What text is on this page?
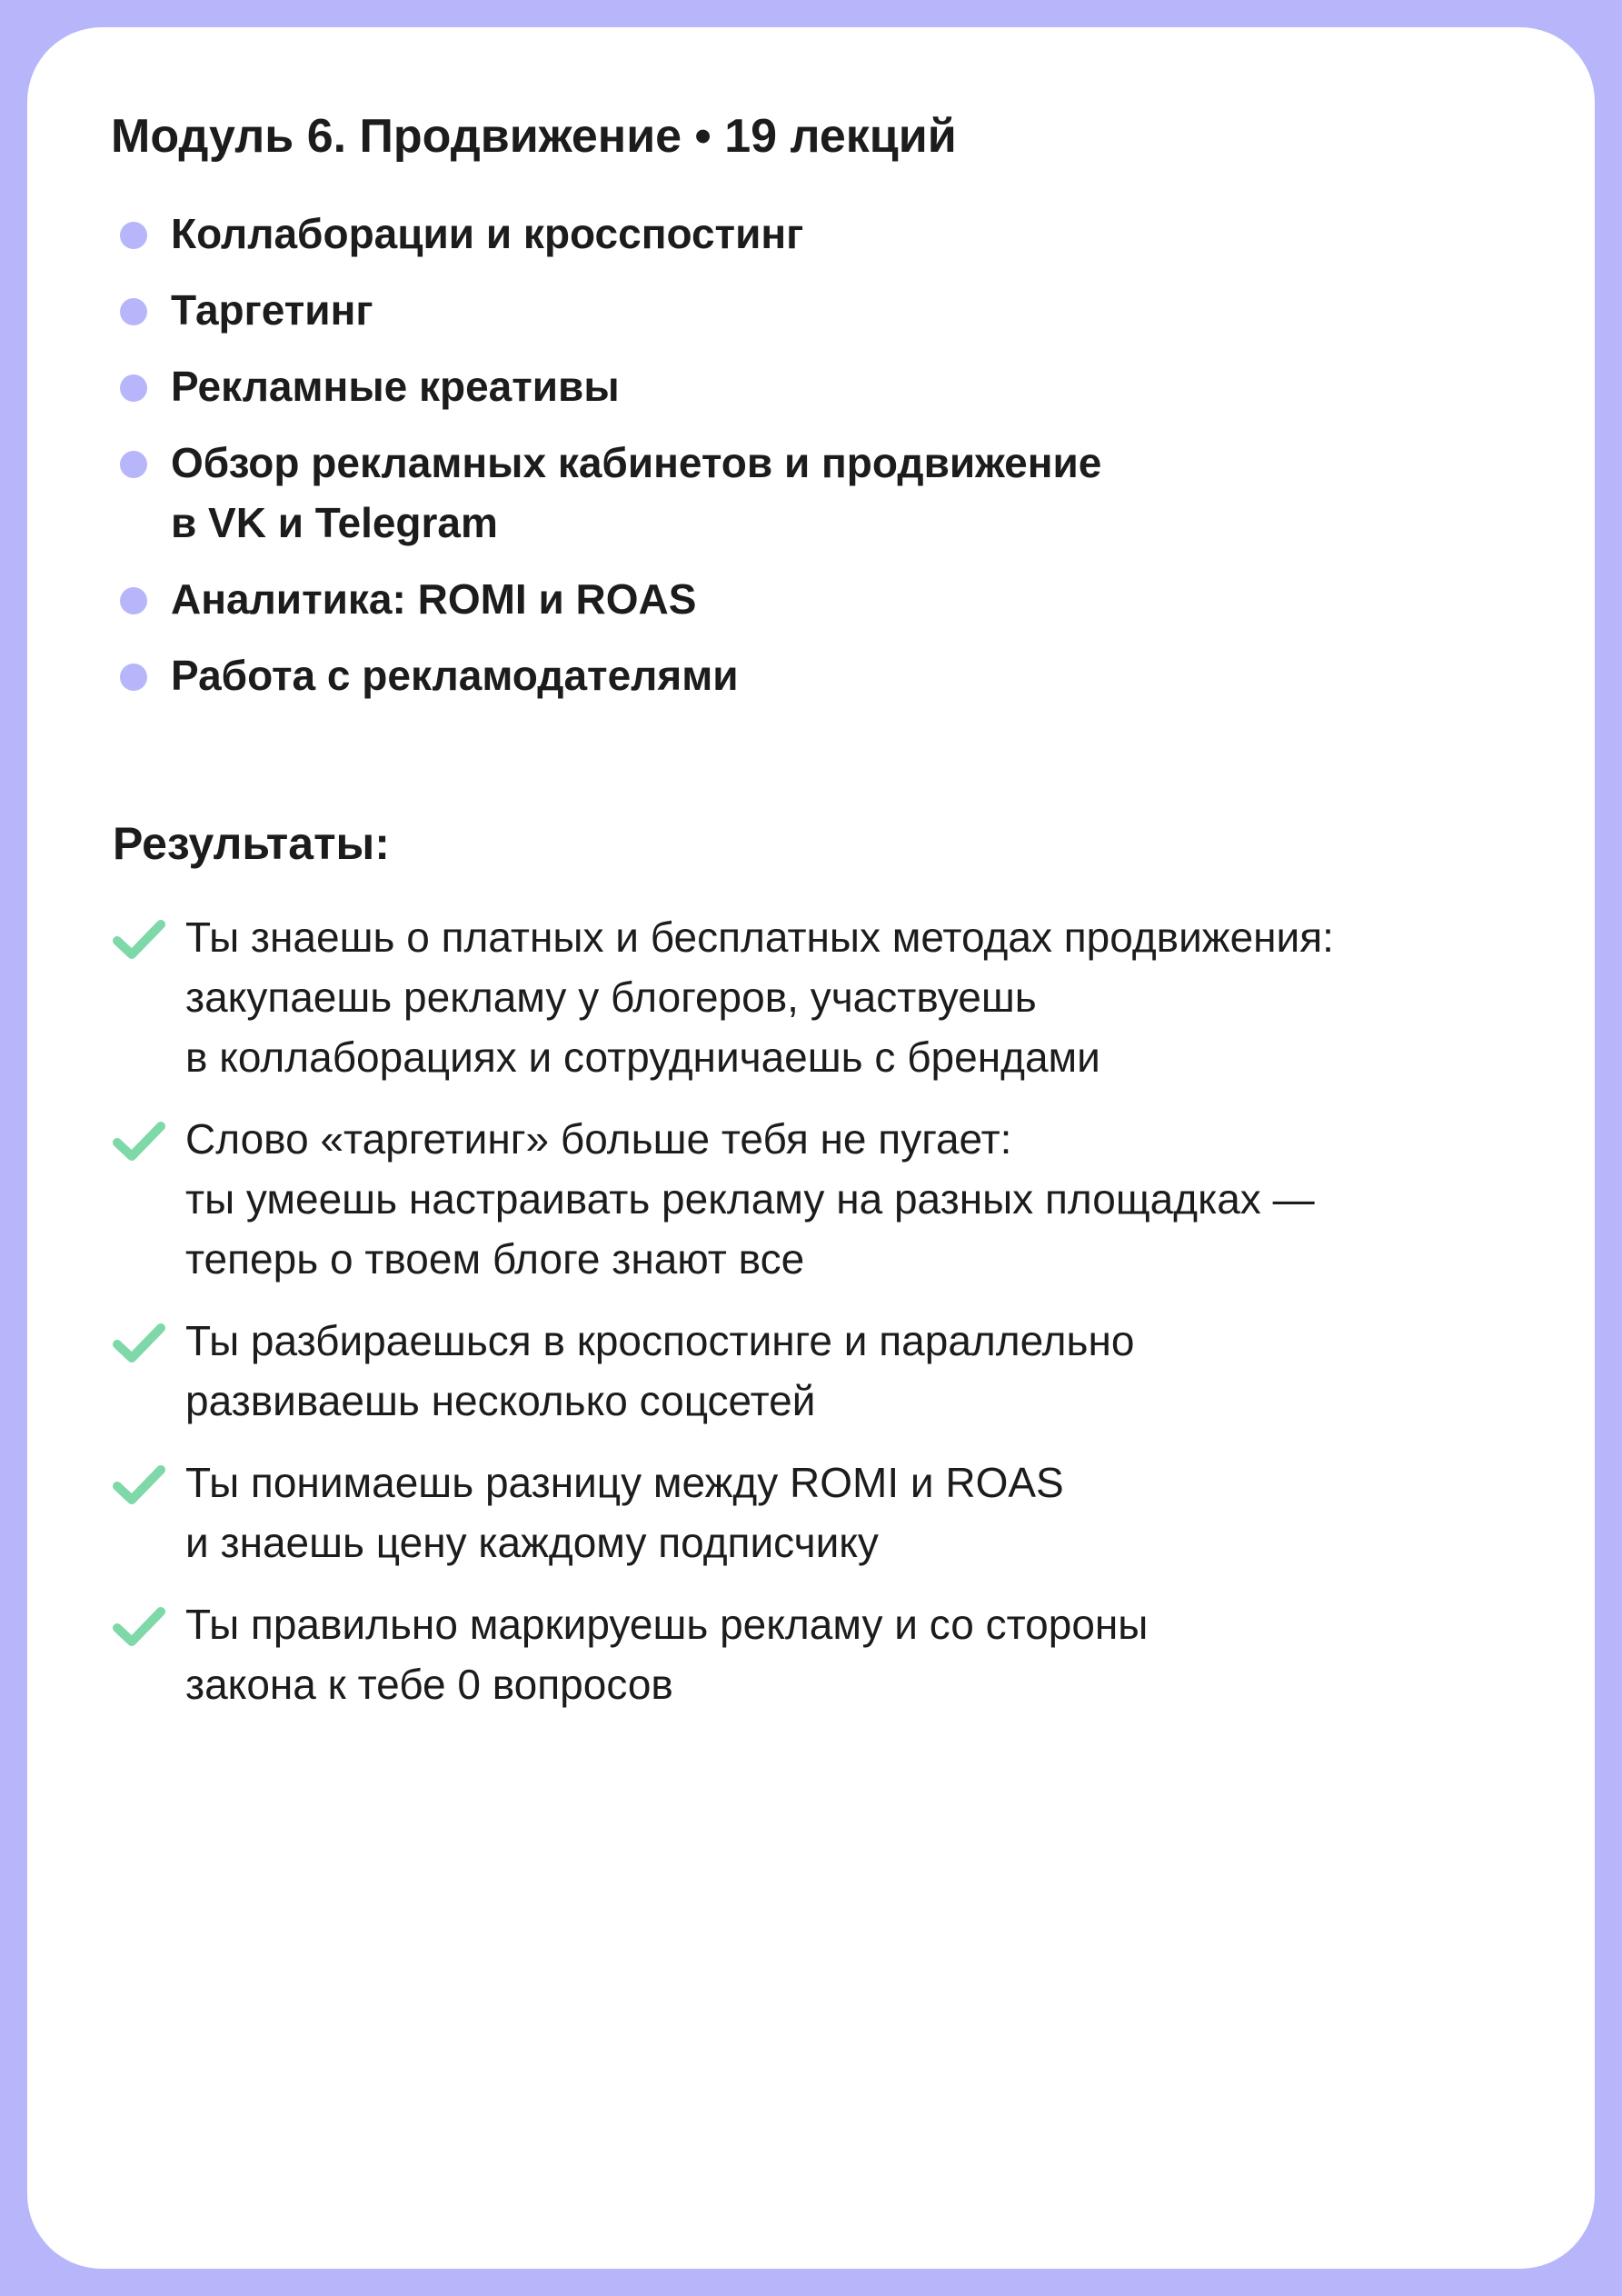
Модуль 6. Продвижение • 19 лекций
Коллаборации и кросспостинг
Таргетинг
Рекламные креативы
Обзор рекламных кабинетов и продвижение
в VK и Telegram
Аналитика: ROMI и ROAS
Работа с рекламодателями
Результаты:
Ты знаешь о платных и бесплатных методах продвижения:
закупаешь рекламу у блогеров, участвуешь
в коллаборациях и сотрудничаешь с брендами
Слово «таргетинг» больше тебя не пугает:
ты умеешь настраивать рекламу на разных площадках —
теперь о твоем блоге знают все
Ты разбираешься в кроспостинге и параллельно
развиваешь несколько соцсетей
Ты понимаешь разницу между ROMI и ROAS
и знаешь цену каждому подписчику
Ты правильно маркируешь рекламу и со стороны
закона к тебе 0 вопросов
